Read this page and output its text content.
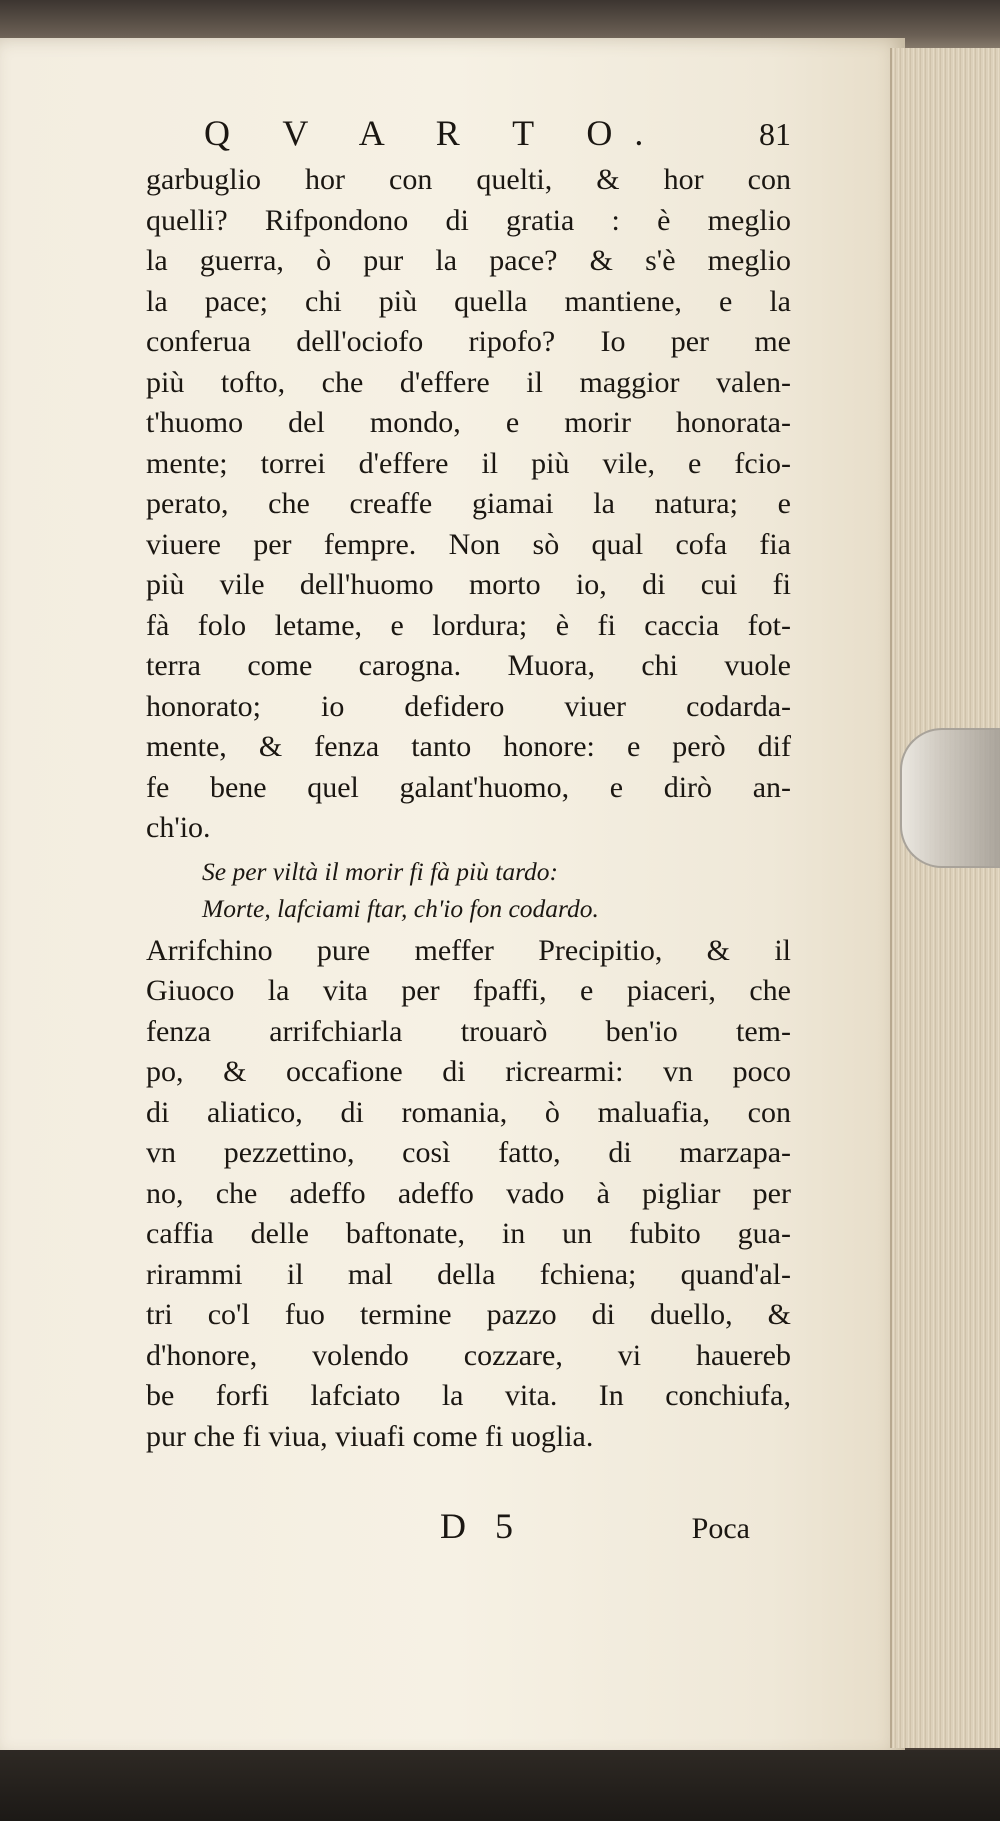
Q V A R T O.	81
garbuglio hor con quelti, & hor con
quelli? Rifpondono di gratia : è meglio
la guerra, ò pur la pace? & s'è meglio
la pace; chi più quella mantiene, e la
conferua dell'ociofo ripofo? Io per me
più tofto, che d'effere il maggior valen-
t'huomo del mondo, e morir honorata-
mente; torrei d'effere il più vile, e fcio-
perato, che creaffe giamai la natura; e
viuere per fempre. Non sò qual cofa fia
più vile dell'huomo morto io, di cui fi
fà folo letame, e lordura; è fi caccia fot-
terra come carogna. Muora, chi vuole
honorato; io defidero viuer codarda-
mente, & fenza tanto honore: e però dif
fe bene quel galant'huomo, e dirò an-
ch'io.
Se per viltà il morir fi fà più tardo:
Morte, lafciami ftar, ch'io fon codardo.
Arrifchino pure meffer Precipitio, & il
Giuoco la vita per fpaffi, e piaceri, che
fenza arrifchiarla trouarò ben'io tem-
po, & occafione di ricrearmi: vn poco
di aliatico, di romania, ò maluafia, con
vn pezzettino, così fatto, di marzapa-
no, che adeffo adeffo vado à pigliar per
caffia delle baftonate, in un fubito gua-
rirammi il mal della fchiena; quand'al-
tri co'l fuo termine pazzo di duello, &
d'honore, volendo cozzare, vi hauereb
be forfi lafciato la vita. In conchiufa,
pur che fi viua, viuafi come fi uoglia.
D 5	Poca
